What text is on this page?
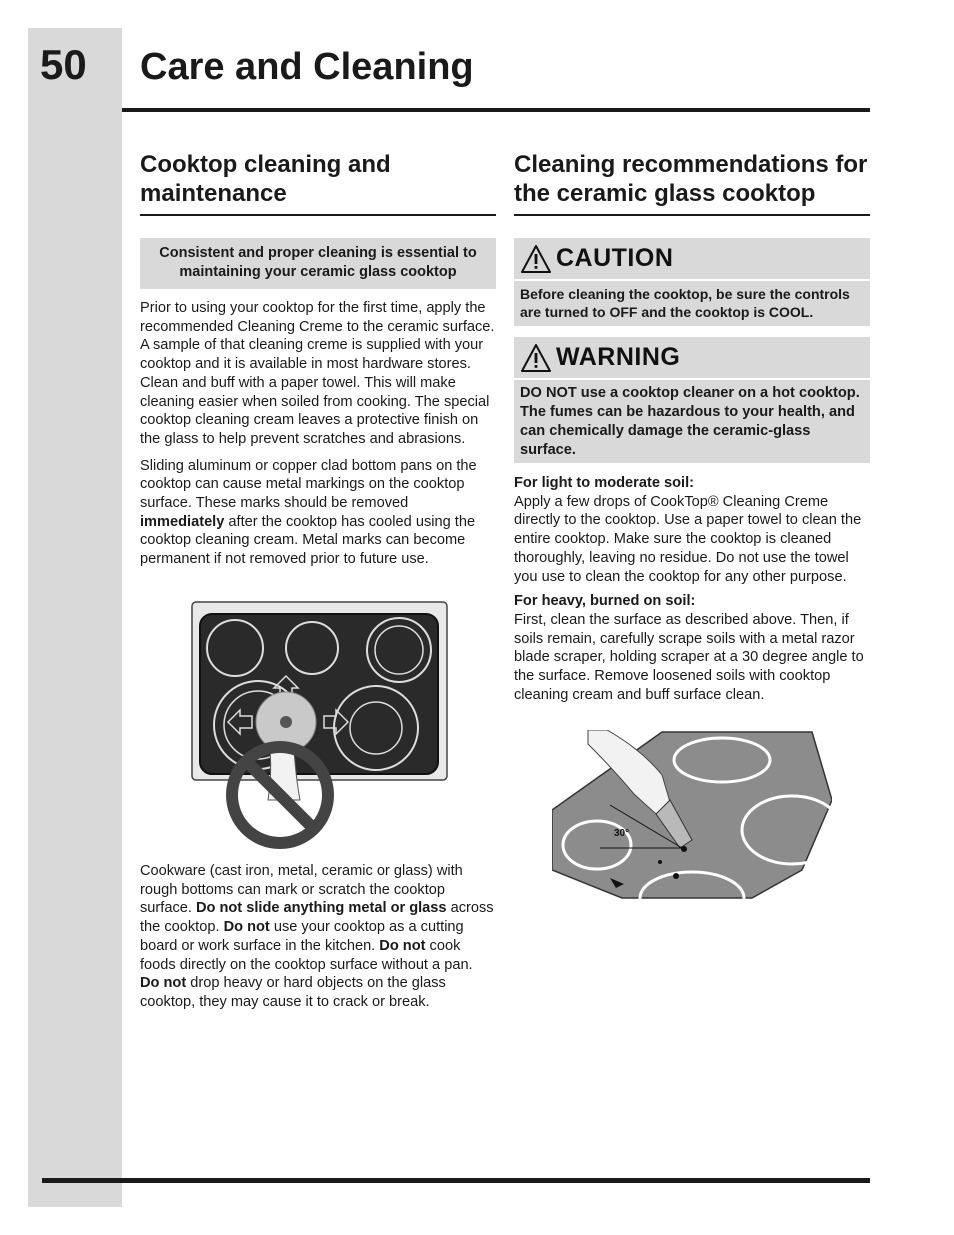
50 Care and Cleaning
Cooktop cleaning and maintenance
Consistent and proper cleaning is essential to maintaining your ceramic glass cooktop

Prior to using your cooktop for the first time, apply the recommended Cleaning Creme to the ceramic surface. A sample of that cleaning creme is supplied with your cooktop and it is available in most hardware stores. Clean and buff with a paper towel. This will make cleaning easier when soiled from cooking. The special cooktop cleaning cream leaves a protective finish on the glass to help prevent scratches and abrasions.

Sliding aluminum or copper clad bottom pans on the cooktop can cause metal markings on the cooktop surface. These marks should be removed immediately after the cooktop has cooled using the cooktop cleaning cream. Metal marks can become permanent if not removed prior to future use.

Cookware (cast iron, metal, ceramic or glass) with rough bottoms can mark or scratch the cooktop surface. Do not slide anything metal or glass across the cooktop. Do not use your cooktop as a cutting board or work surface in the kitchen. Do not cook foods directly on the cooktop surface without a pan. Do not drop heavy or hard objects on the glass cooktop, they may cause it to crack or break.

Cleaning recommendations for the ceramic glass cooktop
CAUTION
Before cleaning the cooktop, be sure the controls are turned to OFF and the cooktop is COOL.
WARNING
DO NOT use a cooktop cleaner on a hot cooktop. The fumes can be hazardous to your health, and can chemically damage the ceramic-glass surface.
For light to moderate soil:

Apply a few drops of CookTop® Cleaning Creme directly to the cooktop. Use a paper towel to clean the entire cooktop. Make sure the cooktop is cleaned thoroughly, leaving no residue. Do not use the towel you use to clean the cooktop for any other purpose.

For heavy, burned on soil:

First, clean the surface as described above. Then, if soils remain, carefully scrape soils with a metal razor blade scraper, holding scraper at a 30 degree angle to the surface. Remove loosened soils with cooktop cleaning cream and buff surface clean.

30°
